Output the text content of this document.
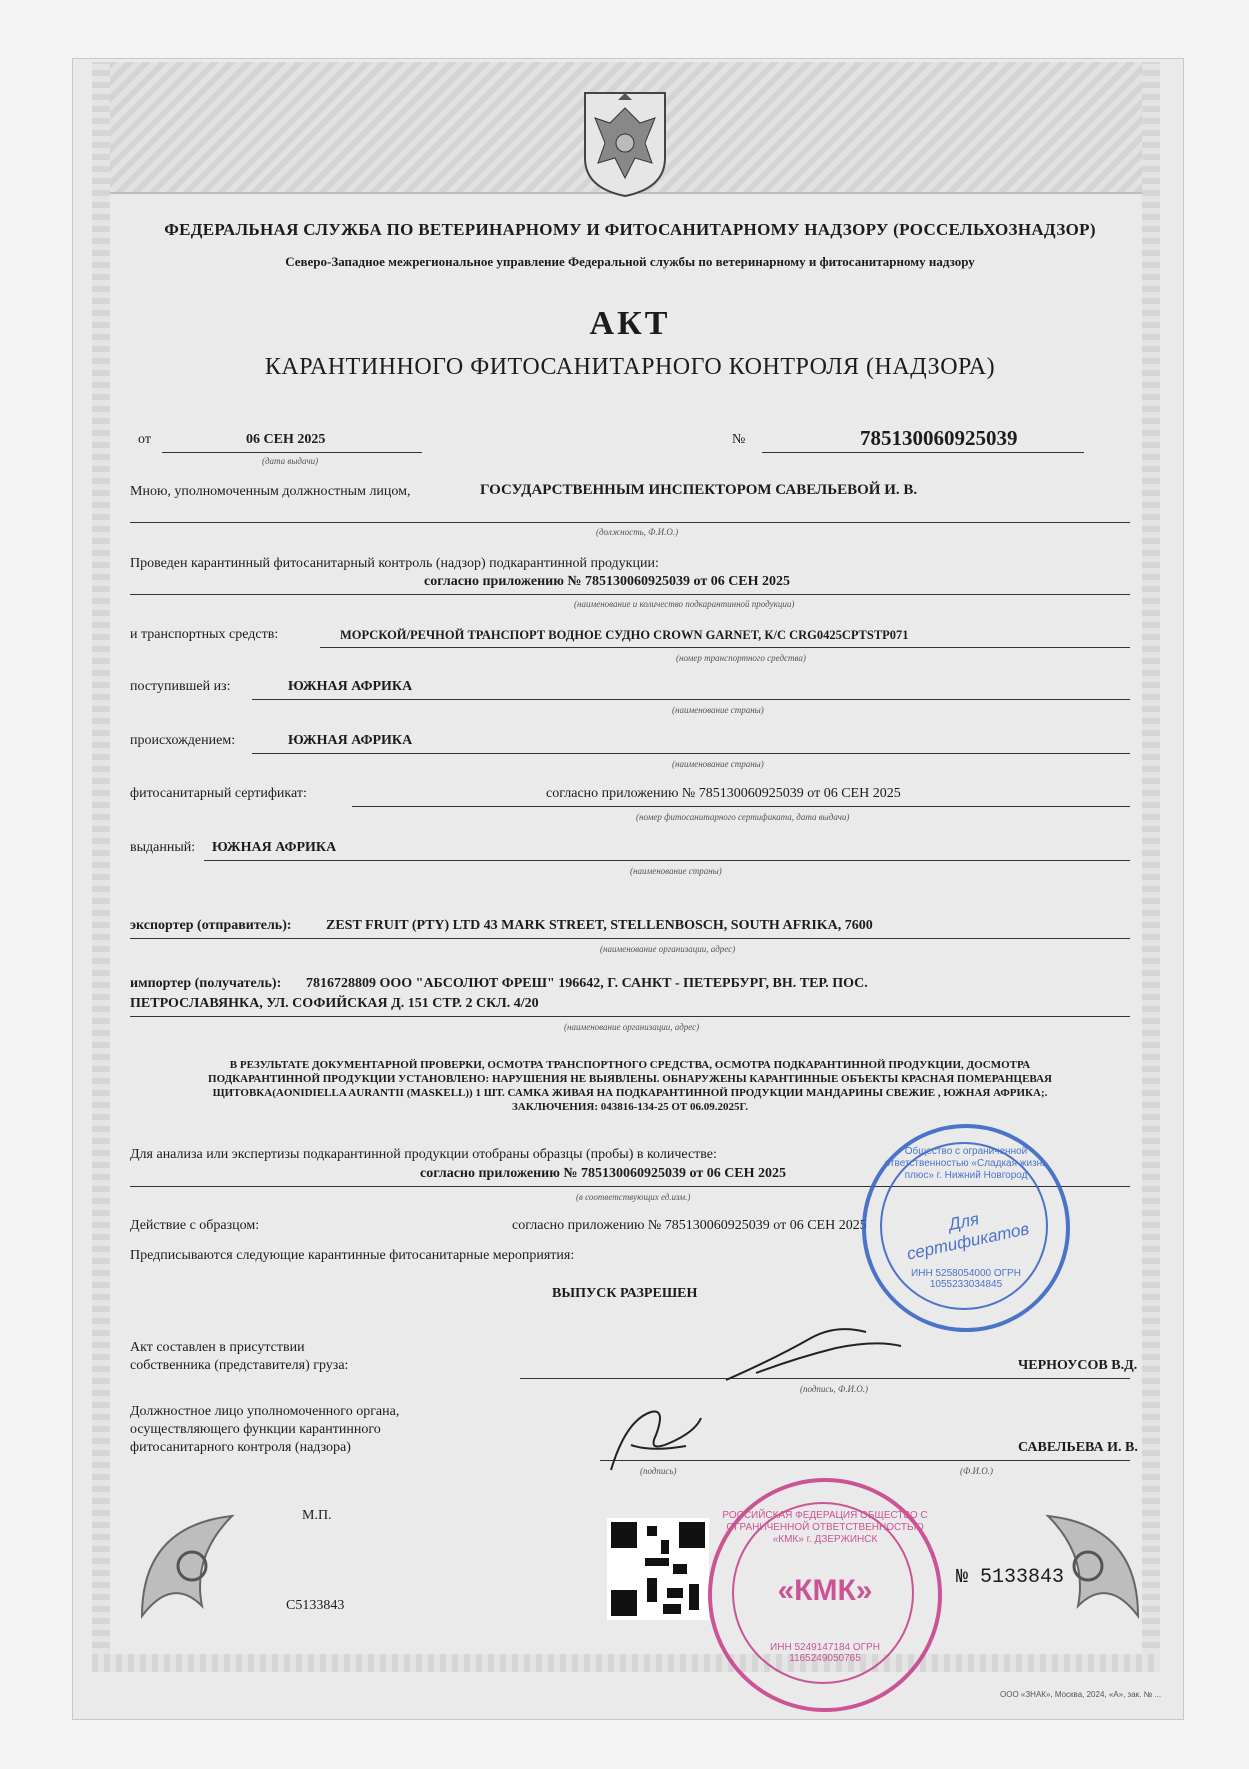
ФЕДЕРАЛЬНАЯ СЛУЖБА ПО ВЕТЕРИНАРНОМУ И ФИТОСАНИТАРНОМУ НАДЗОРУ (РОССЕЛЬХОЗНАДЗОР)
Северо-Западное межрегиональное управление Федеральной службы по ветеринарному и фитосанитарному надзору
АКТ
КАРАНТИННОГО ФИТОСАНИТАРНОГО КОНТРОЛЯ (НАДЗОРА)
от	06 СЕН 2025
(дата выдачи)
№	785130060925039
Мною, уполномоченным должностным лицом,	ГОСУДАРСТВЕННЫМ ИНСПЕКТОРОМ САВЕЛЬЕВОЙ И. В.
(должность, Ф.И.О.)
Проведен карантинный фитосанитарный контроль (надзор) подкарантинной продукции:
согласно приложению № 785130060925039 от 06 СЕН 2025
(наименование и количество подкарантинной продукции)
и транспортных средств:	МОРСКОЙ/РЕЧНОЙ ТРАНСПОРТ ВОДНОЕ СУДНО CROWN GARNET, К/С CRG0425CPTSTP071
(номер транспортного средства)
поступившей из:	ЮЖНАЯ АФРИКА
(наименование страны)
происхождением:	ЮЖНАЯ АФРИКА
(наименование страны)
фитосанитарный сертификат:	согласно приложению № 785130060925039 от 06 СЕН 2025
(номер фитосанитарного сертификата, дата выдачи)
выданный: ЮЖНАЯ АФРИКА
(наименование страны)
экспортер (отправитель): ZEST FRUIT (PTY) LTD 43 MARK STREET, STELLENBOSCH, SOUTH AFRIKA, 7600
(наименование организации, адрес)
импортер (получатель): 7816728809 ООО "АБСОЛЮТ ФРЕШ" 196642, Г. САНКТ - ПЕТЕРБУРГ, ВН. ТЕР. ПОС.
ПЕТРОСЛАВЯНКА, УЛ. СОФИЙСКАЯ Д. 151 СТР. 2 СКЛ. 4/20
(наименование организации, адрес)
В РЕЗУЛЬТАТЕ ДОКУМЕНТАРНОЙ ПРОВЕРКИ, ОСМОТРА ТРАНСПОРТНОГО СРЕДСТВА, ОСМОТРА ПОДКАРАНТИННОЙ ПРОДУКЦИИ, ДОСМОТРА
ПОДКАРАНТИННОЙ ПРОДУКЦИИ УСТАНОВЛЕНО: НАРУШЕНИЯ НЕ ВЫЯВЛЕНЫ. ОБНАРУЖЕНЫ КАРАНТИННЫЕ ОБЪЕКТЫ КРАСНАЯ ПОМЕРАНЦЕВАЯ
ЩИТОВКА(AONIDIELLA AURANTII (MASKELL)) 1 ШТ. САМКА ЖИВАЯ НА ПОДКАРАНТИННОЙ ПРОДУКЦИИ МАНДАРИНЫ СВЕЖИЕ , ЮЖНАЯ АФРИКА;.
ЗАКЛЮЧЕНИЯ: 043816-134-25 ОТ 06.09.2025Г.
Для анализа или экспертизы подкарантинной продукции отобраны образцы (пробы) в количестве:
согласно приложению № 785130060925039 от 06 СЕН 2025
(в соответствующих ед.изм.)
Действие с образцом:	согласно приложению № 785130060925039 от 06 СЕН 2025
Предписываются следующие карантинные фитосанитарные мероприятия:
ВЫПУСК РАЗРЕШЕН
Акт составлен в присутствии
собственника (представителя) груза:	ЧЕРНОУСОВ В.Д.
(подпись, Ф.И.О.)
Должностное лицо уполномоченного органа,
осуществляющего функции карантинного
фитосанитарного контроля (надзора)	САВЕЛЬЕВА И. В.
(подпись)	(Ф.И.О.)
М.П.
С5133843
№ 5133843
ООО «ЗНАК», Москва, 2024, «А», зак. № ...
Общество с ограниченной ответственностью «Сладкая жизнь плюс» г. Нижний Новгород
Для сертификатов
ИНН 5258054000 ОГРН 1055233034845
РОССИЙСКАЯ ФЕДЕРАЦИЯ ОБЩЕСТВО С ОГРАНИЧЕННОЙ ОТВЕТСТВЕННОСТЬЮ «КМК» г. ДЗЕРЖИНСК
«КМК»
ИНН 5249147184 ОГРН 1165249050765
